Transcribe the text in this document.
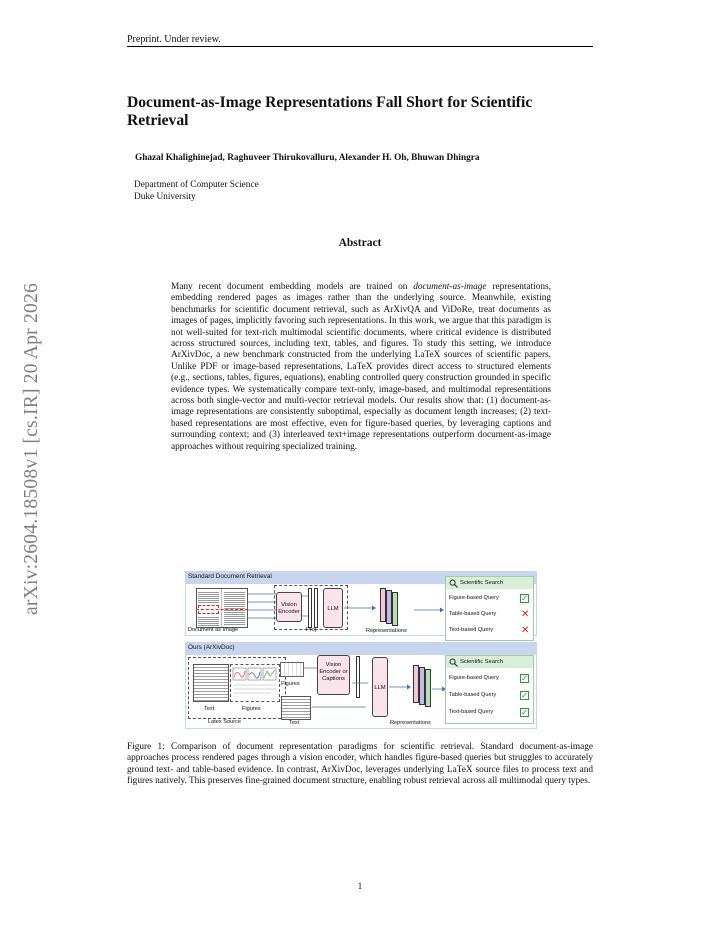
Preprint. Under review.
Document-as-Image Representations Fall Short for Scientific Retrieval
Ghazal Khalighinejad, Raghuveer Thirukovalluru, Alexander H. Oh, Bhuwan Dhingra
Department of Computer Science
Duke University
Abstract
Many recent document embedding models are trained on document-as-image representations, embedding rendered pages as images rather than the underlying source. Meanwhile, existing benchmarks for scientific document retrieval, such as ArXivQA and ViDoRe, treat documents as images of pages, implicitly favoring such representations. In this work, we argue that this paradigm is not well-suited for text-rich multimodal scientific documents, where critical evidence is distributed across structured sources, including text, tables, and figures. To study this setting, we introduce ArXivDoc, a new benchmark constructed from the underlying LaTeX sources of scientific papers. Unlike PDF or image-based representations, LaTeX provides direct access to structured elements (e.g., sections, tables, figures, equations), enabling controlled query construction grounded in specific evidence types. We systematically compare text-only, image-based, and multimodal representations across both single-vector and multi-vector retrieval models. Our results show that: (1) document-as-image representations are consistently suboptimal, especially as document length increases; (2) text-based representations are most effective, even for figure-based queries, by leveraging captions and surrounding context; and (3) interleaved text+image representations outperform document-as-image approaches without requiring specialized training.
arXiv:2604.18508v1 [cs.IR] 20 Apr 2026	Standard Document Retrieval
Document as Image
Vision Encoder	LLM
Proj	Representations
Scientific Search
Figure-based Query	✓
Table-based Query ✕
Text-based Query	✕
Ours (ArXivDoc)
Text	Figures
Latex Source
Figures
Text
Vision Encoder or Captions
LLM
Representations
Scientific Search
Figure-based Query	✓
Table-based Query	✓
Text-based Query	✓
Figure 1: Comparison of document representation paradigms for scientific retrieval. Standard document-as-image approaches process rendered pages through a vision encoder, which handles figure-based queries but struggles to accurately ground text- and table-based evidence. In contrast, ArXivDoc, leverages underlying LaTeX source files to process text and figures natively. This preserves fine-grained document structure, enabling robust retrieval across all multimodal query types.
1
